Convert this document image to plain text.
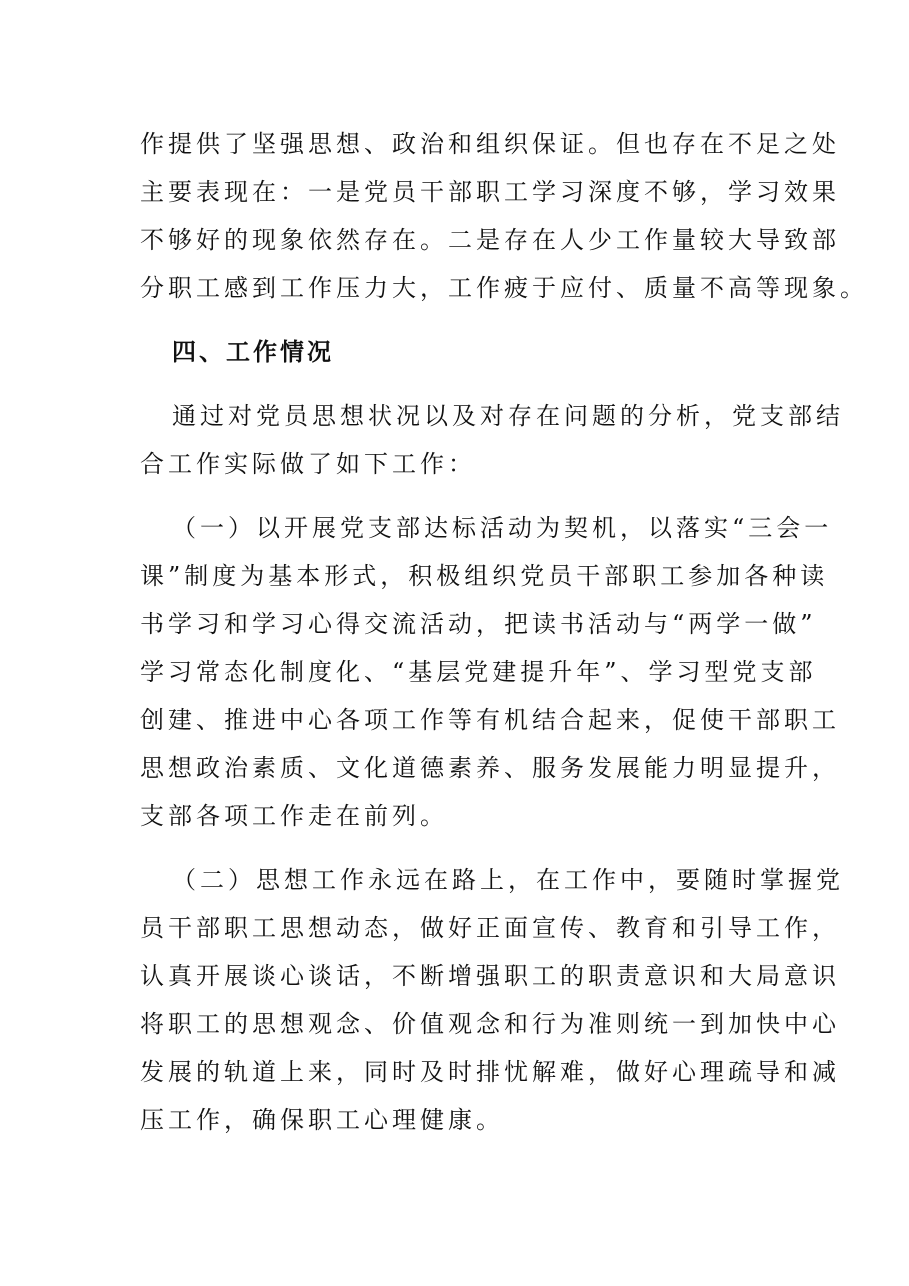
作提供了坚强思想、政治和组织保证。但也存在不足之处
主要表现在：一是党员干部职工学习深度不够，学习效果
不够好的现象依然存在。二是存在人少工作量较大导致部
分职工感到工作压力大，工作疲于应付、质量不高等现象。
四、工作情况
通过对党员思想状况以及对存在问题的分析，党支部结
合工作实际做了如下工作：
（一）以开展党支部达标活动为契机，以落实“三会一
课”制度为基本形式，积极组织党员干部职工参加各种读
书学习和学习心得交流活动，把读书活动与“两学一做”
学习常态化制度化、“基层党建提升年”、学习型党支部
创建、推进中心各项工作等有机结合起来，促使干部职工
思想政治素质、文化道德素养、服务发展能力明显提升，
支部各项工作走在前列。
（二）思想工作永远在路上，在工作中，要随时掌握党
员干部职工思想动态，做好正面宣传、教育和引导工作，
认真开展谈心谈话，不断增强职工的职责意识和大局意识
将职工的思想观念、价值观念和行为准则统一到加快中心
发展的轨道上来，同时及时排忧解难，做好心理疏导和减
压工作，确保职工心理健康。
